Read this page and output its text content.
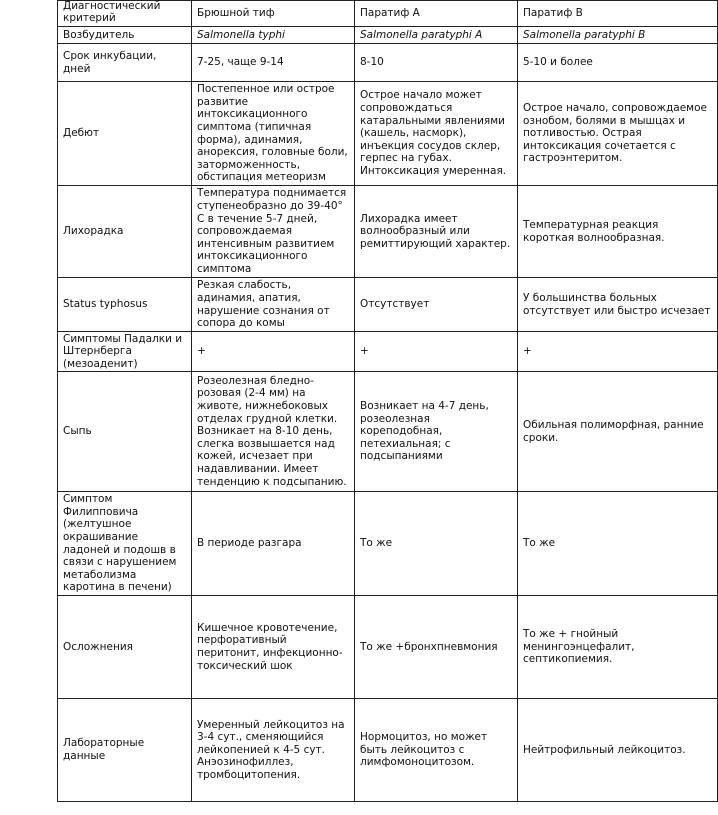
Диагностический критерий	Брюшной тиф	Паратиф А	Паратиф В
Возбудитель	Salmonella typhi	Salmonella paratyphi A	Salmonella paratyphi B
Срок инкубации, дней	7-25, чаще 9-14	8-10	5-10 и более
Дебют	Постепенное или острое развитие интоксикационного симптома (типичная форма), адинамия, анорексия, головные боли, заторможенность, обстипация метеоризм	Острое начало может сопровождаться катаральными явлениями (кашель, насморк), инъекция сосудов склер, герпес на губах. Интоксикация умеренная.	Острое начало, сопровождаемое ознобом, болями в мышцах и потливостью. Острая интоксикация сочетается с гастроэнтеритом.
Лихорадка	Температура поднимается ступенеобразно до 39-40° С в течение 5-7 дней, сопровождаемая интенсивным развитием интоксикационного симптома	Лихорадка имеет волнообразный или ремиттирующий характер.	Температурная реакция короткая волнообразная.
Status typhosus	Резкая слабость, адинамия, апатия, нарушение сознания от сопора до комы	Отсутствует	У большинства больных отсутствует или быстро исчезает
Симптомы Падалки и Штернберга (мезоаденит)	+	+	+
Сыпь	Розеолезная бледно-розовая (2-4 мм) на животе, нижнебоковых отделах грудной клетки. Возникает на 8-10 день, слегка возвышается над кожей, исчезает при надавливании. Имеет тенденцию к подсыпанию.	Возникает на 4-7 день, розеолезная кореподобная, петехиальная; с подсыпаниями	Обильная полиморфная, ранние сроки.
Симптом Филипповича (желтушное окрашивание ладоней и подошв в связи с нарушением метаболизма каротина в печени)	В периоде разгара	То же	То же
Осложнения	Кишечное кровотечение, перфоративный перитонит, инфекционно-токсический шок	То же +бронхпневмония	То же + гнойный менингоэнцефалит, септикопиемия.
Лабораторные данные	Умеренный лейкоцитоз на 3-4 сут., сменяющийся лейкопенией к 4-5 сут. Анэозинофиллез, тромбоцитопения.	Нормоцитоз, но может быть лейкоцитоз с лимфомоноцитозом.	Нейтрофильный лейкоцитоз.
